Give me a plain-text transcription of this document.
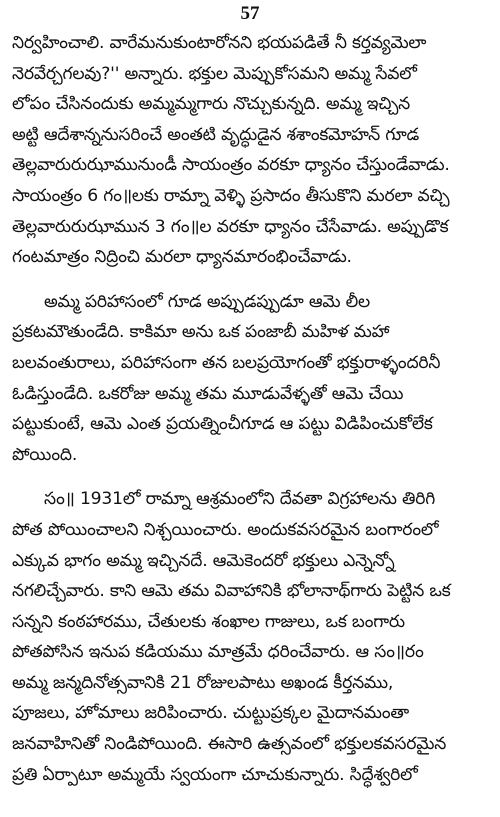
57
నిర్వహించాలి. వారేమనుకుంటారోనని భయపడితే నీ కర్తవ్యమెలా
నెరవేర్చగలవు?'' అన్నారు. భక్తుల మెప్పుకోసమని అమ్మ సేవలో
లోపం చేసినందుకు అమ్మమ్మగారు నొచ్చుకున్నది. అమ్మ ఇచ్చిన
అట్టి ఆదేశాన్ననుసరించే అంతటి వృద్ధుడైన శశాంకమోహన్ గూడ
తెల్లవారురుఝామునుండీ సాయంత్రం వరకూ ధ్యానం చేస్తుండేవాడు.
సాయంత్రం 6 గం॥లకు రామ్నా వెళ్ళి ప్రసాదం తీసుకొని మరలా వచ్చి
తెల్లవారురుఝామున 3 గం॥ల వరకూ ధ్యానం చేసేవాడు. అప్పుడొక
గంటమాత్రం నిద్రించి మరలా ధ్యానమారంభించేవాడు.
అమ్మ పరిహాసంలో గూడ అప్పుడప్పుడూ ఆమె లీల
ప్రకటమౌతుండేది. కాకిమా అను ఒక పంజాబీ మహిళ మహా
బలవంతురాలు, పరిహాసంగా తన బలప్రయోగంతో భక్తురాళ్ళందరినీ
ఓడిస్తుండేది. ఒకరోజు అమ్మ తమ మూడువేళ్ళతో ఆమె చేయి
పట్టుకుంటే, ఆమె ఎంత ప్రయత్నించీగూడ ఆ పట్టు విడిపించుకోలేక
పోయింది.
సం॥ 1931లో రామ్నా ఆశ్రమంలోని దేవతా విగ్రహాలను తిరిగి
పోత పోయించాలని నిశ్చయించారు. అందుకవసరమైన బంగారంలో
ఎక్కువ భాగం అమ్మ ఇచ్చినదే. ఆమెకెందరో భక్తులు ఎన్నెన్నో
నగలిచ్చేవారు. కాని ఆమె తమ వివాహానికి భోలానాథ్‌గారు పెట్టిన ఒక
సన్నని కంఠహారము, చేతులకు శంఖాల గాజులు, ఒక బంగారు
పోతపోసిన ఇనుప కడియము మాత్రమే ధరించేవారు. ఆ సం॥రం
అమ్మ జన్మదినోత్సవానికి 21 రోజులపాటు అఖండ కీర్తనము,
పూజలు, హోమాలు జరిపించారు. చుట్టుప్రక్కల మైదానమంతా
జనవాహినితో నిండిపోయింది. ఈసారి ఉత్సవంలో భక్తులకవసరమైన
ప్రతి ఏర్పాటూ అమ్మయే స్వయంగా చూచుకున్నారు. సిద్ధేశ్వరిలో
